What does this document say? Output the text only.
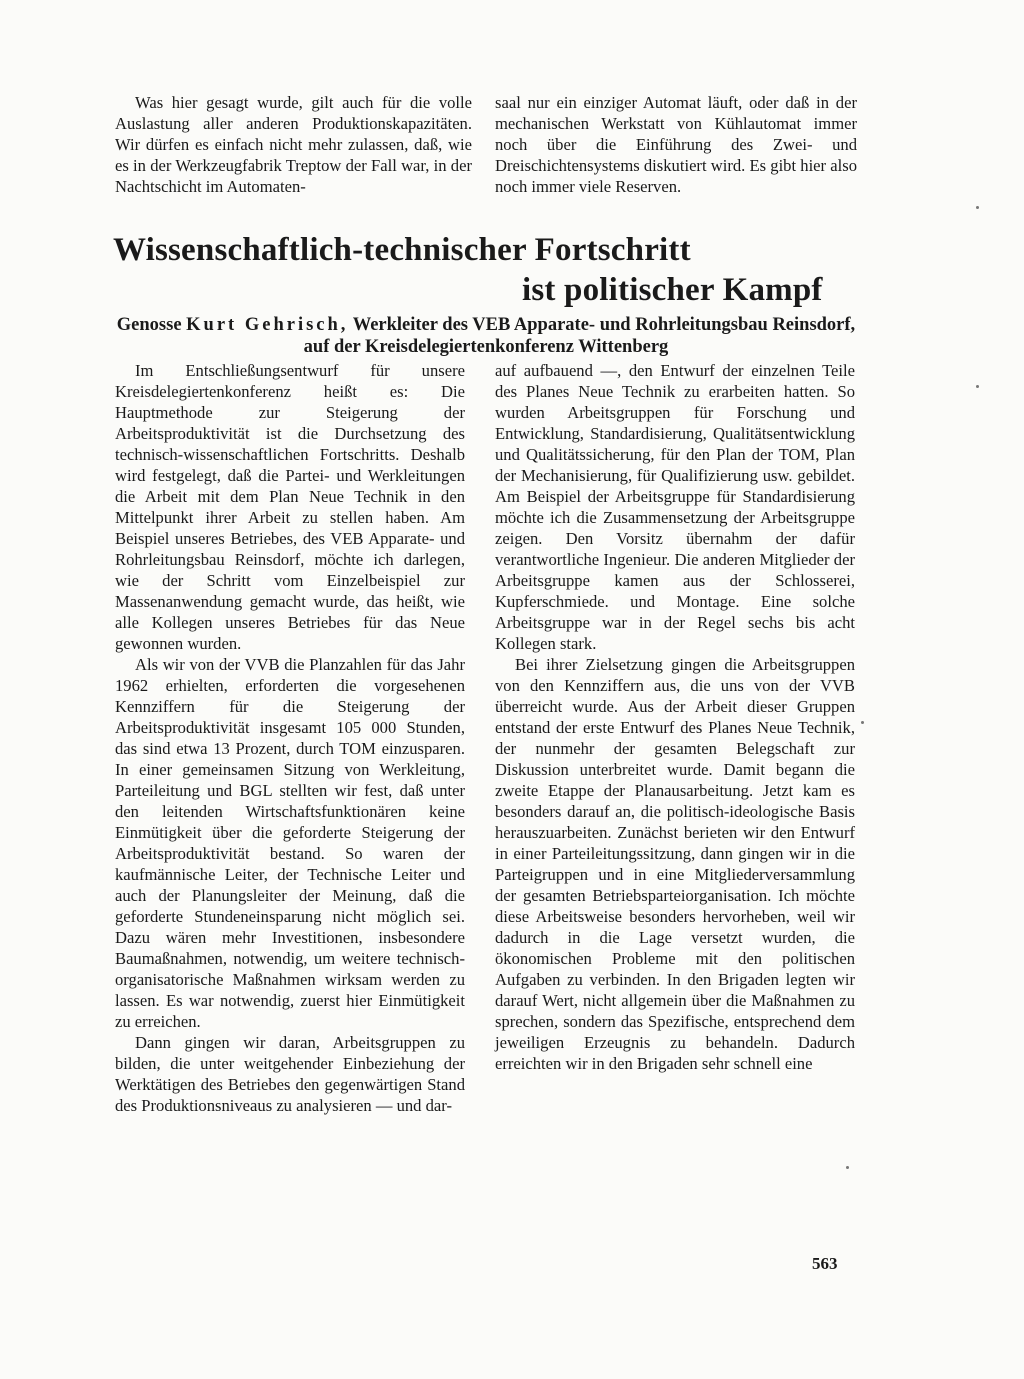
Was hier gesagt wurde, gilt auch für die volle Auslastung aller anderen Produktionskapazitäten. Wir dürfen es einfach nicht mehr zulassen, daß, wie es in der Werkzeugfabrik Treptow der Fall war, in der Nachtschicht im Automaten-

saal nur ein einziger Automat läuft, oder daß in der mechanischen Werkstatt von Kühlautomat immer noch über die Einführung des Zwei- und Dreischichtensystems diskutiert wird. Es gibt hier also noch immer viele Reserven.

Wissenschaftlich-technischer Fortschritt
ist politischer Kampf
Genosse Kurt Gehrisch, Werkleiter des VEB Apparate- und Rohrleitungsbau Reinsdorf, auf der Kreisdelegiertenkonferenz Wittenberg

Im Entschließungsentwurf für unsere Kreisdelegiertenkonferenz heißt es: Die Hauptmethode zur Steigerung der Arbeitsproduktivität ist die Durchsetzung des technisch-wissenschaftlichen Fortschritts. Deshalb wird festgelegt, daß die Partei- und Werkleitungen die Arbeit mit dem Plan Neue Technik in den Mittelpunkt ihrer Arbeit zu stellen haben. Am Beispiel unseres Betriebes, des VEB Apparate- und Rohrleitungsbau Reinsdorf, möchte ich darlegen, wie der Schritt vom Einzelbeispiel zur Massenanwendung gemacht wurde, das heißt, wie alle Kollegen unseres Betriebes für das Neue gewonnen wurden.

Als wir von der VVB die Planzahlen für das Jahr 1962 erhielten, erforderten die vorgesehenen Kennziffern für die Steigerung der Arbeitsproduktivität insgesamt 105 000 Stunden, das sind etwa 13 Prozent, durch TOM einzusparen. In einer gemeinsamen Sitzung von Werkleitung, Parteileitung und BGL stellten wir fest, daß unter den leitenden Wirtschaftsfunktionären keine Einmütigkeit über die geforderte Steigerung der Arbeitsproduktivität bestand. So waren der kaufmännische Leiter, der Technische Leiter und auch der Planungsleiter der Meinung, daß die geforderte Stundeneinsparung nicht möglich sei. Dazu wären mehr Investitionen, insbesondere Baumaßnahmen, notwendig, um weitere technisch-organisatorische Maßnahmen wirksam werden zu lassen. Es war notwendig, zuerst hier Einmütigkeit zu erreichen.

Dann gingen wir daran, Arbeitsgruppen zu bilden, die unter weitgehender Einbeziehung der Werktätigen des Betriebes den gegenwärtigen Stand des Produktionsniveaus zu analysieren — und dar-

auf aufbauend —, den Entwurf der einzelnen Teile des Planes Neue Technik zu erarbeiten hatten. So wurden Arbeitsgruppen für Forschung und Entwicklung, Standardisierung, Qualitätsentwicklung und Qualitätssicherung, für den Plan der TOM, Plan der Mechanisierung, für Qualifizierung usw. gebildet. Am Beispiel der Arbeitsgruppe für Standardisierung möchte ich die Zusammensetzung der Arbeitsgruppe zeigen. Den Vorsitz übernahm der dafür verantwortliche Ingenieur. Die anderen Mitglieder der Arbeitsgruppe kamen aus der Schlosserei, Kupferschmiede. und Montage. Eine solche Arbeitsgruppe war in der Regel sechs bis acht Kollegen stark.

Bei ihrer Zielsetzung gingen die Arbeitsgruppen von den Kennziffern aus, die uns von der VVB überreicht wurde. Aus der Arbeit dieser Gruppen entstand der erste Entwurf des Planes Neue Technik, der nunmehr der gesamten Belegschaft zur Diskussion unterbreitet wurde. Damit begann die zweite Etappe der Planausarbeitung. Jetzt kam es besonders darauf an, die politisch-ideologische Basis herauszuarbeiten. Zunächst berieten wir den Entwurf in einer Parteileitungssitzung, dann gingen wir in die Parteigruppen und in eine Mitgliederversammlung der gesamten Betriebsparteiorganisation. Ich möchte diese Arbeitsweise besonders hervorheben, weil wir dadurch in die Lage versetzt wurden, die ökonomischen Probleme mit den politischen Aufgaben zu verbinden. In den Brigaden legten wir darauf Wert, nicht allgemein über die Maßnahmen zu sprechen, sondern das Spezifische, entsprechend dem jeweiligen Erzeugnis zu behandeln. Dadurch erreichten wir in den Brigaden sehr schnell eine

563
